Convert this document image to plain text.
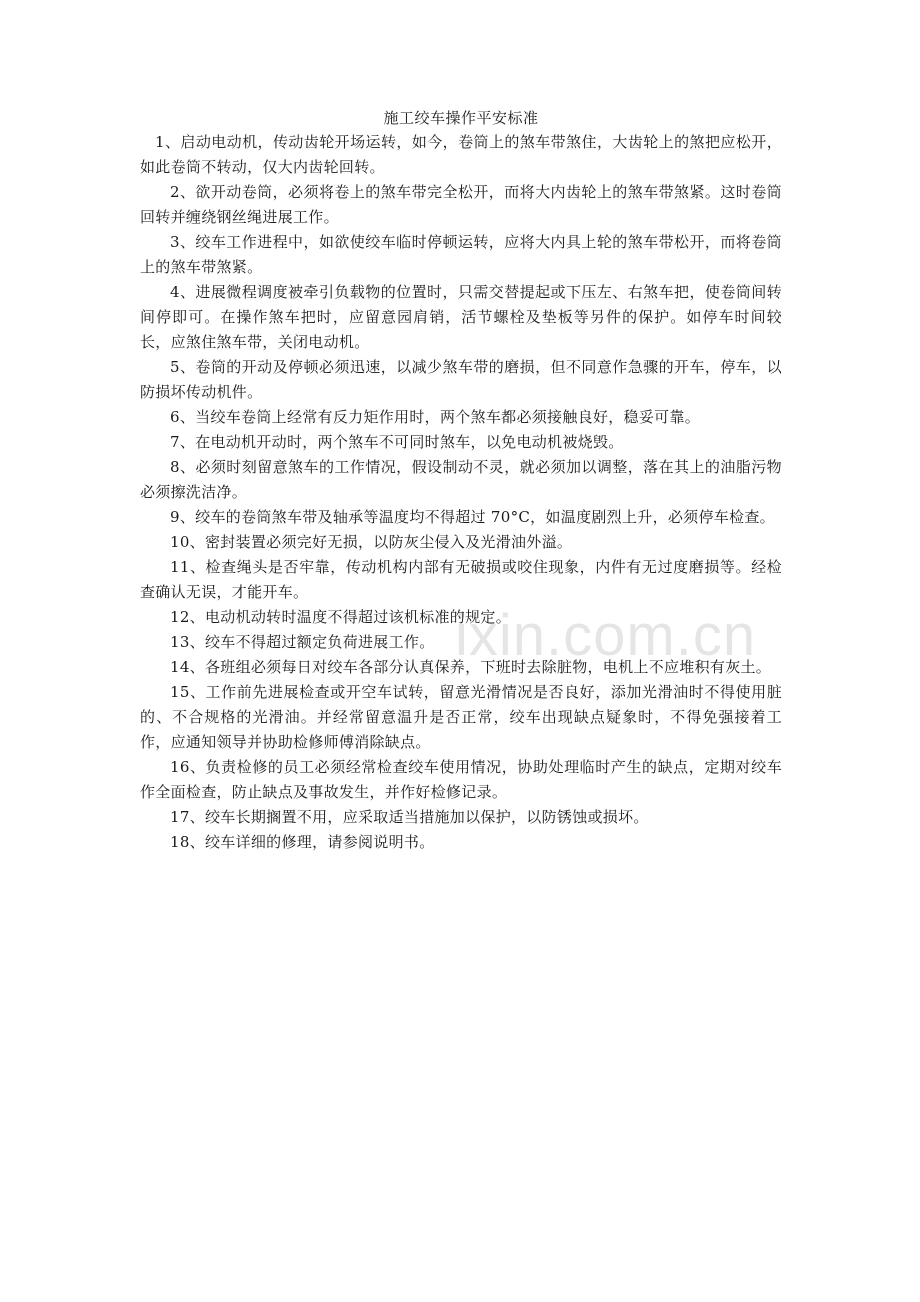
施工绞车操作平安标准

1、启动电动机，传动齿轮开场运转，如今，卷筒上的煞车带煞住，大齿轮上的煞把应松开，如此卷筒不转动，仅大内齿轮回转。

2、欲开动卷筒，必须将卷上的煞车带完全松开，而将大内齿轮上的煞车带煞紧。这时卷筒回转并缠绕钢丝绳进展工作。

3、绞车工作进程中，如欲使绞车临时停顿运转，应将大内具上轮的煞车带松开，而将卷筒上的煞车带煞紧。

4、进展微程调度被牵引负载物的位置时，只需交替提起或下压左、右煞车把，使卷筒间转间停即可。在操作煞车把时，应留意园肩销，活节螺栓及垫板等另件的保护。如停车时间较长，应煞住煞车带，关闭电动机。

5、卷筒的开动及停顿必须迅速，以减少煞车带的磨损，但不同意作急骤的开车，停车，以防损坏传动机件。

6、当绞车卷筒上经常有反力矩作用时，两个煞车都必须接触良好，稳妥可靠。

7、在电动机开动时，两个煞车不可同时煞车，以免电动机被烧毁。

8、必须时刻留意煞车的工作情况，假设制动不灵，就必须加以调整，落在其上的油脂污物必须擦洗洁净。

9、绞车的卷筒煞车带及轴承等温度均不得超过 70°C，如温度剧烈上升，必须停车检查。

10、密封装置必须完好无损，以防灰尘侵入及光滑油外溢。

11、检查绳头是否牢靠，传动机构内部有无破损或咬住现象，内件有无过度磨损等。经检查确认无误，才能开车。

12、电动机动转时温度不得超过该机标准的规定。

13、绞车不得超过额定负荷进展工作。

14、各班组必须每日对绞车各部分认真保养，下班时去除脏物，电机上不应堆积有灰土。

15、工作前先进展检查或开空车试转，留意光滑情况是否良好，添加光滑油时不得使用脏的、不合规格的光滑油。并经常留意温升是否正常，绞车出现缺点疑象时，不得免强接着工作，应通知领导并协助检修师傅消除缺点。

16、负责检修的员工必须经常检查绞车使用情况，协助处理临时产生的缺点，定期对绞车作全面检查，防止缺点及事故发生，并作好检修记录。

17、绞车长期搁置不用，应采取适当措施加以保护，以防锈蚀或损坏。

18、绞车详细的修理，请参阅说明书。

ixin.com.cn
